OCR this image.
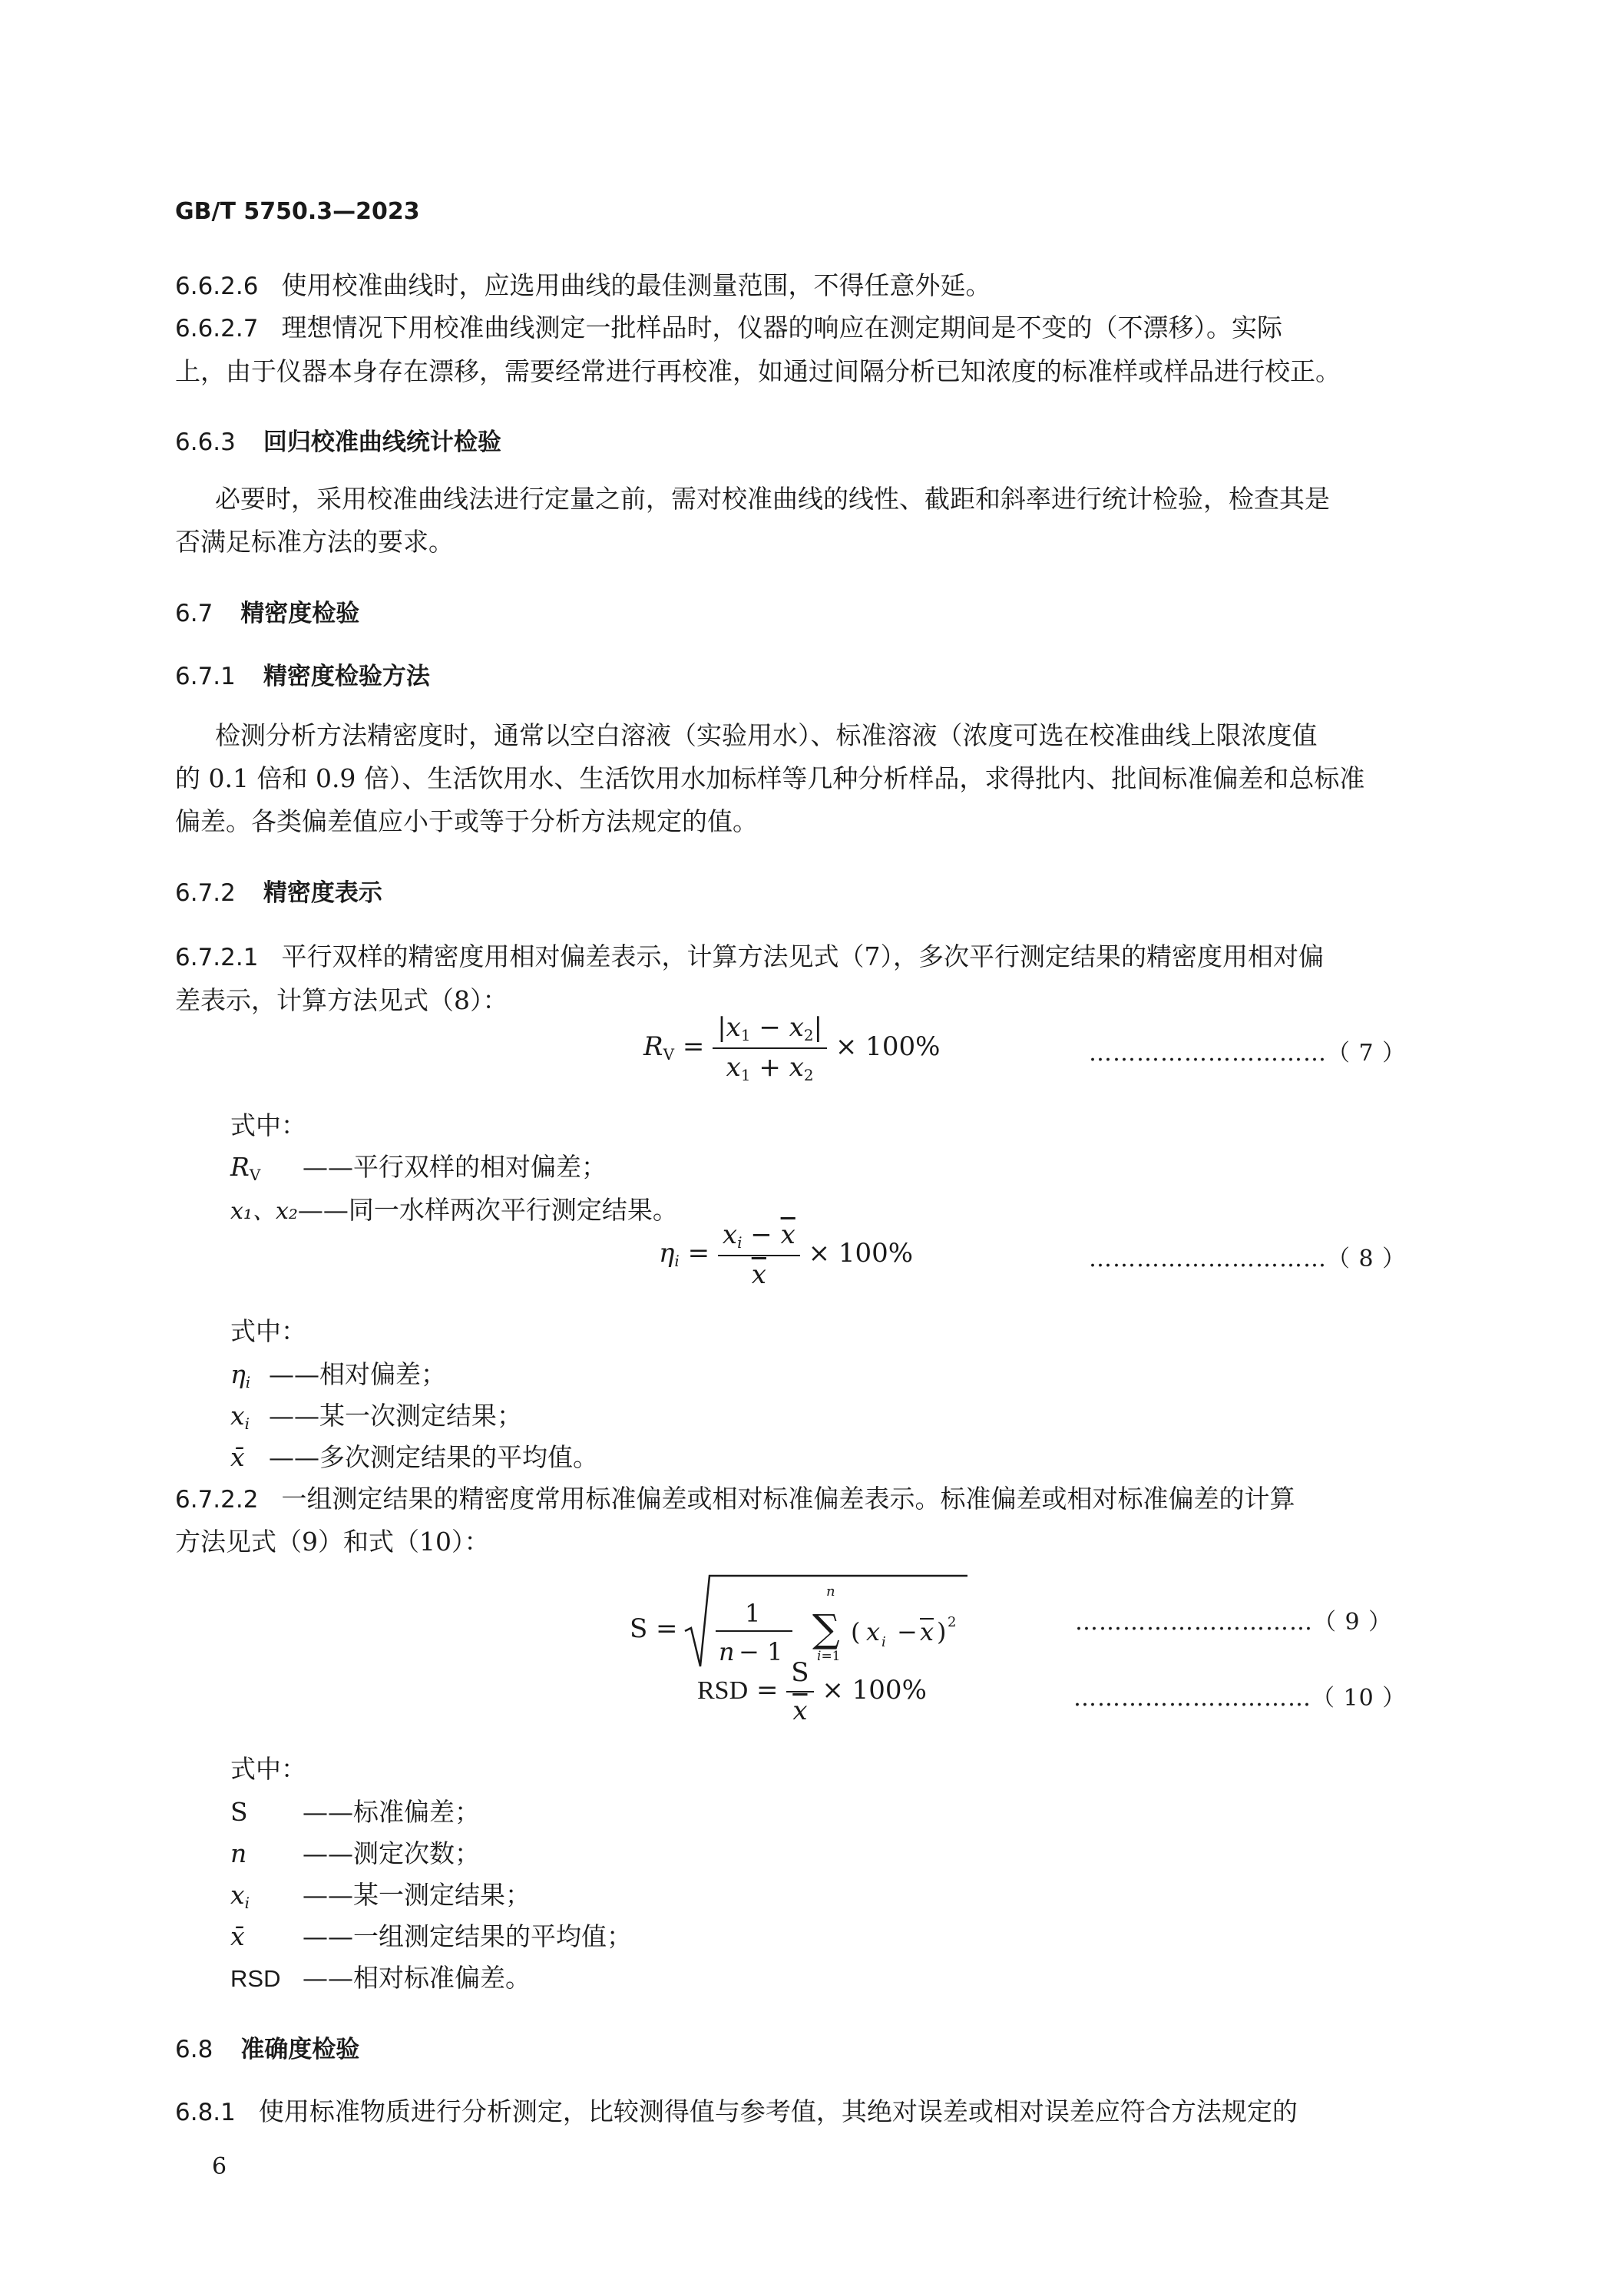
GB/T 5750.3—2023
6.6.2.6 使用校准曲线时，应选用曲线的最佳测量范围，不得任意外延。
6.6.2.7 理想情况下用校准曲线测定一批样品时，仪器的响应在测定期间是不变的（不漂移）。实际
上，由于仪器本身存在漂移，需要经常进行再校准，如通过间隔分析已知浓度的标准样或样品进行校正。
6.6.3 回归校准曲线统计检验
必要时，采用校准曲线法进行定量之前，需对校准曲线的线性、截距和斜率进行统计检验，检查其是
否满足标准方法的要求。
6.7 精密度检验
6.7.1 精密度检验方法
检测分析方法精密度时，通常以空白溶液（实验用水）、标准溶液（浓度可选在校准曲线上限浓度值
的 0.1 倍和 0.9 倍）、生活饮用水、生活饮用水加标样等几种分析样品，求得批内、批间标准偏差和总标准
偏差。各类偏差值应小于或等于分析方法规定的值。
6.7.2 精密度表示
6.7.2.1 平行双样的精密度用相对偏差表示，计算方法见式（7），多次平行测定结果的精密度用相对偏
差表示，计算方法见式（8）：
$R_V = \frac{|x_1 - x_2|}{x_1 + x_2} \times 100\%$	…………………………（ 7 ）
式中：
$R_V$ ——平行双样的相对偏差；
x₁、x₂——同一水样两次平行测定结果。
$\eta i = \frac{xi - \overline{x}}{x} \times 100\%$	…………………………（ 8 ）
式中：
ηi ——相对偏差；
xi ——某一次测定结果；
x̄ ——多次测定结果的平均值。
6.7.2.2 一组测定结果的精密度常用标准偏差或相对标准偏差表示。标准偏差或相对标准偏差的计算
方法见式（9）和式（10）：
S =	1
n − 1
n
∑
i=1
( x i − x ) 2	…………………………（ 9 ）
RSD = $\frac{S}{x} \times 100\%$	…………………………（ 10 ）
式中：
S ——标准偏差；
n ——测定次数；
xi ——某一测定结果；
x̄ ——一组测定结果的平均值；
RSD ——相对标准偏差。
6.8 准确度检验
6.8.1 使用标准物质进行分析测定，比较测得值与参考值，其绝对误差或相对误差应符合方法规定的
6
